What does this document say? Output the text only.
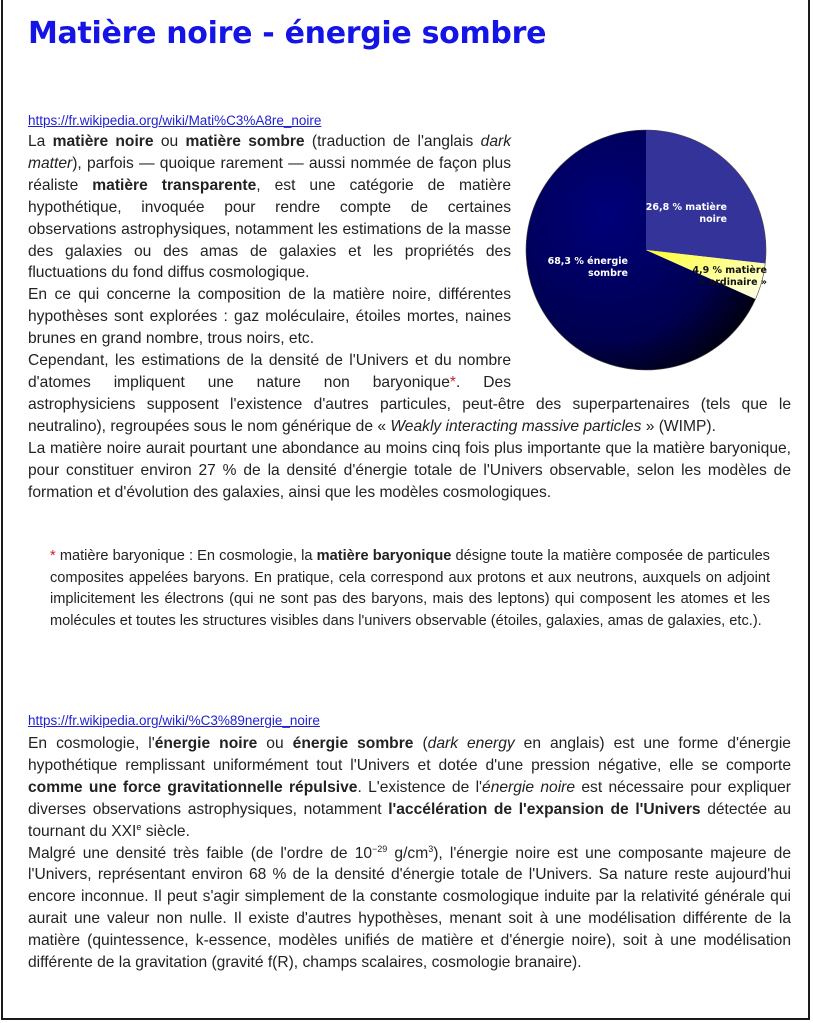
Matière noire - énergie sombre
https://fr.wikipedia.org/wiki/Mati%C3%A8re_noire
26,8 % matière
noire
4,9 % matière
« ordinaire »
68,3 % énergie
sombre

La matière noire ou matière sombre (traduction de l'anglais dark matter), parfois — quoique rarement — aussi nommée de façon plus réaliste matière transparente, est une catégorie de matière hypothétique, invoquée pour rendre compte de certaines observations astrophysiques, notamment les estimations de la masse des galaxies ou des amas de galaxies et les propriétés des fluctuations du fond diffus cosmologique.

En ce qui concerne la composition de la matière noire, différentes hypothèses sont explorées : gaz moléculaire, étoiles mortes, naines brunes en grand nombre, trous noirs, etc.

Cependant, les estimations de la densité de l'Univers et du nombre d'atomes impliquent une nature non baryonique*. Des astrophysiciens supposent l'existence d'autres particules, peut-être des superpartenaires (tels que le neutralino), regroupées sous le nom générique de « Weakly interacting massive particles » (WIMP).

La matière noire aurait pourtant une abondance au moins cinq fois plus importante que la matière baryonique, pour constituer environ 27 % de la densité d'énergie totale de l'Univers observable, selon les modèles de formation et d'évolution des galaxies, ainsi que les modèles cosmologiques.

* matière baryonique : En cosmologie, la matière baryonique désigne toute la matière composée de particules composites appelées baryons. En pratique, cela correspond aux protons et aux neutrons, auxquels on adjoint implicitement les électrons (qui ne sont pas des baryons, mais des leptons) qui composent les atomes et les molécules et toutes les structures visibles dans l'univers observable (étoiles, galaxies, amas de galaxies, etc.).

https://fr.wikipedia.org/wiki/%C3%89nergie_noire

En cosmologie, l'énergie noire ou énergie sombre (dark energy en anglais) est une forme d'énergie hypothétique remplissant uniformément tout l'Univers et dotée d'une pression négative, elle se comporte comme une force gravitationnelle répulsive. L'existence de l'énergie noire est nécessaire pour expliquer diverses observations astrophysiques, notamment l'accélération de l'expansion de l'Univers détectée au tournant du XXIe siècle.

Malgré une densité très faible (de l'ordre de $10^{-29}$ $g/cm^3$), l'énergie noire est une composante majeure de l'Univers, représentant environ 68 % de la densité d'énergie totale de l'Univers. Sa nature reste aujourd'hui encore inconnue. Il peut s'agir simplement de la constante cosmologique induite par la relativité générale qui aurait une valeur non nulle. Il existe d'autres hypothèses, menant soit à une modélisation différente de la matière (quintessence, k-essence, modèles unifiés de matière et d'énergie noire), soit à une modélisation différente de la gravitation (gravité f(R), champs scalaires, cosmologie branaire).
